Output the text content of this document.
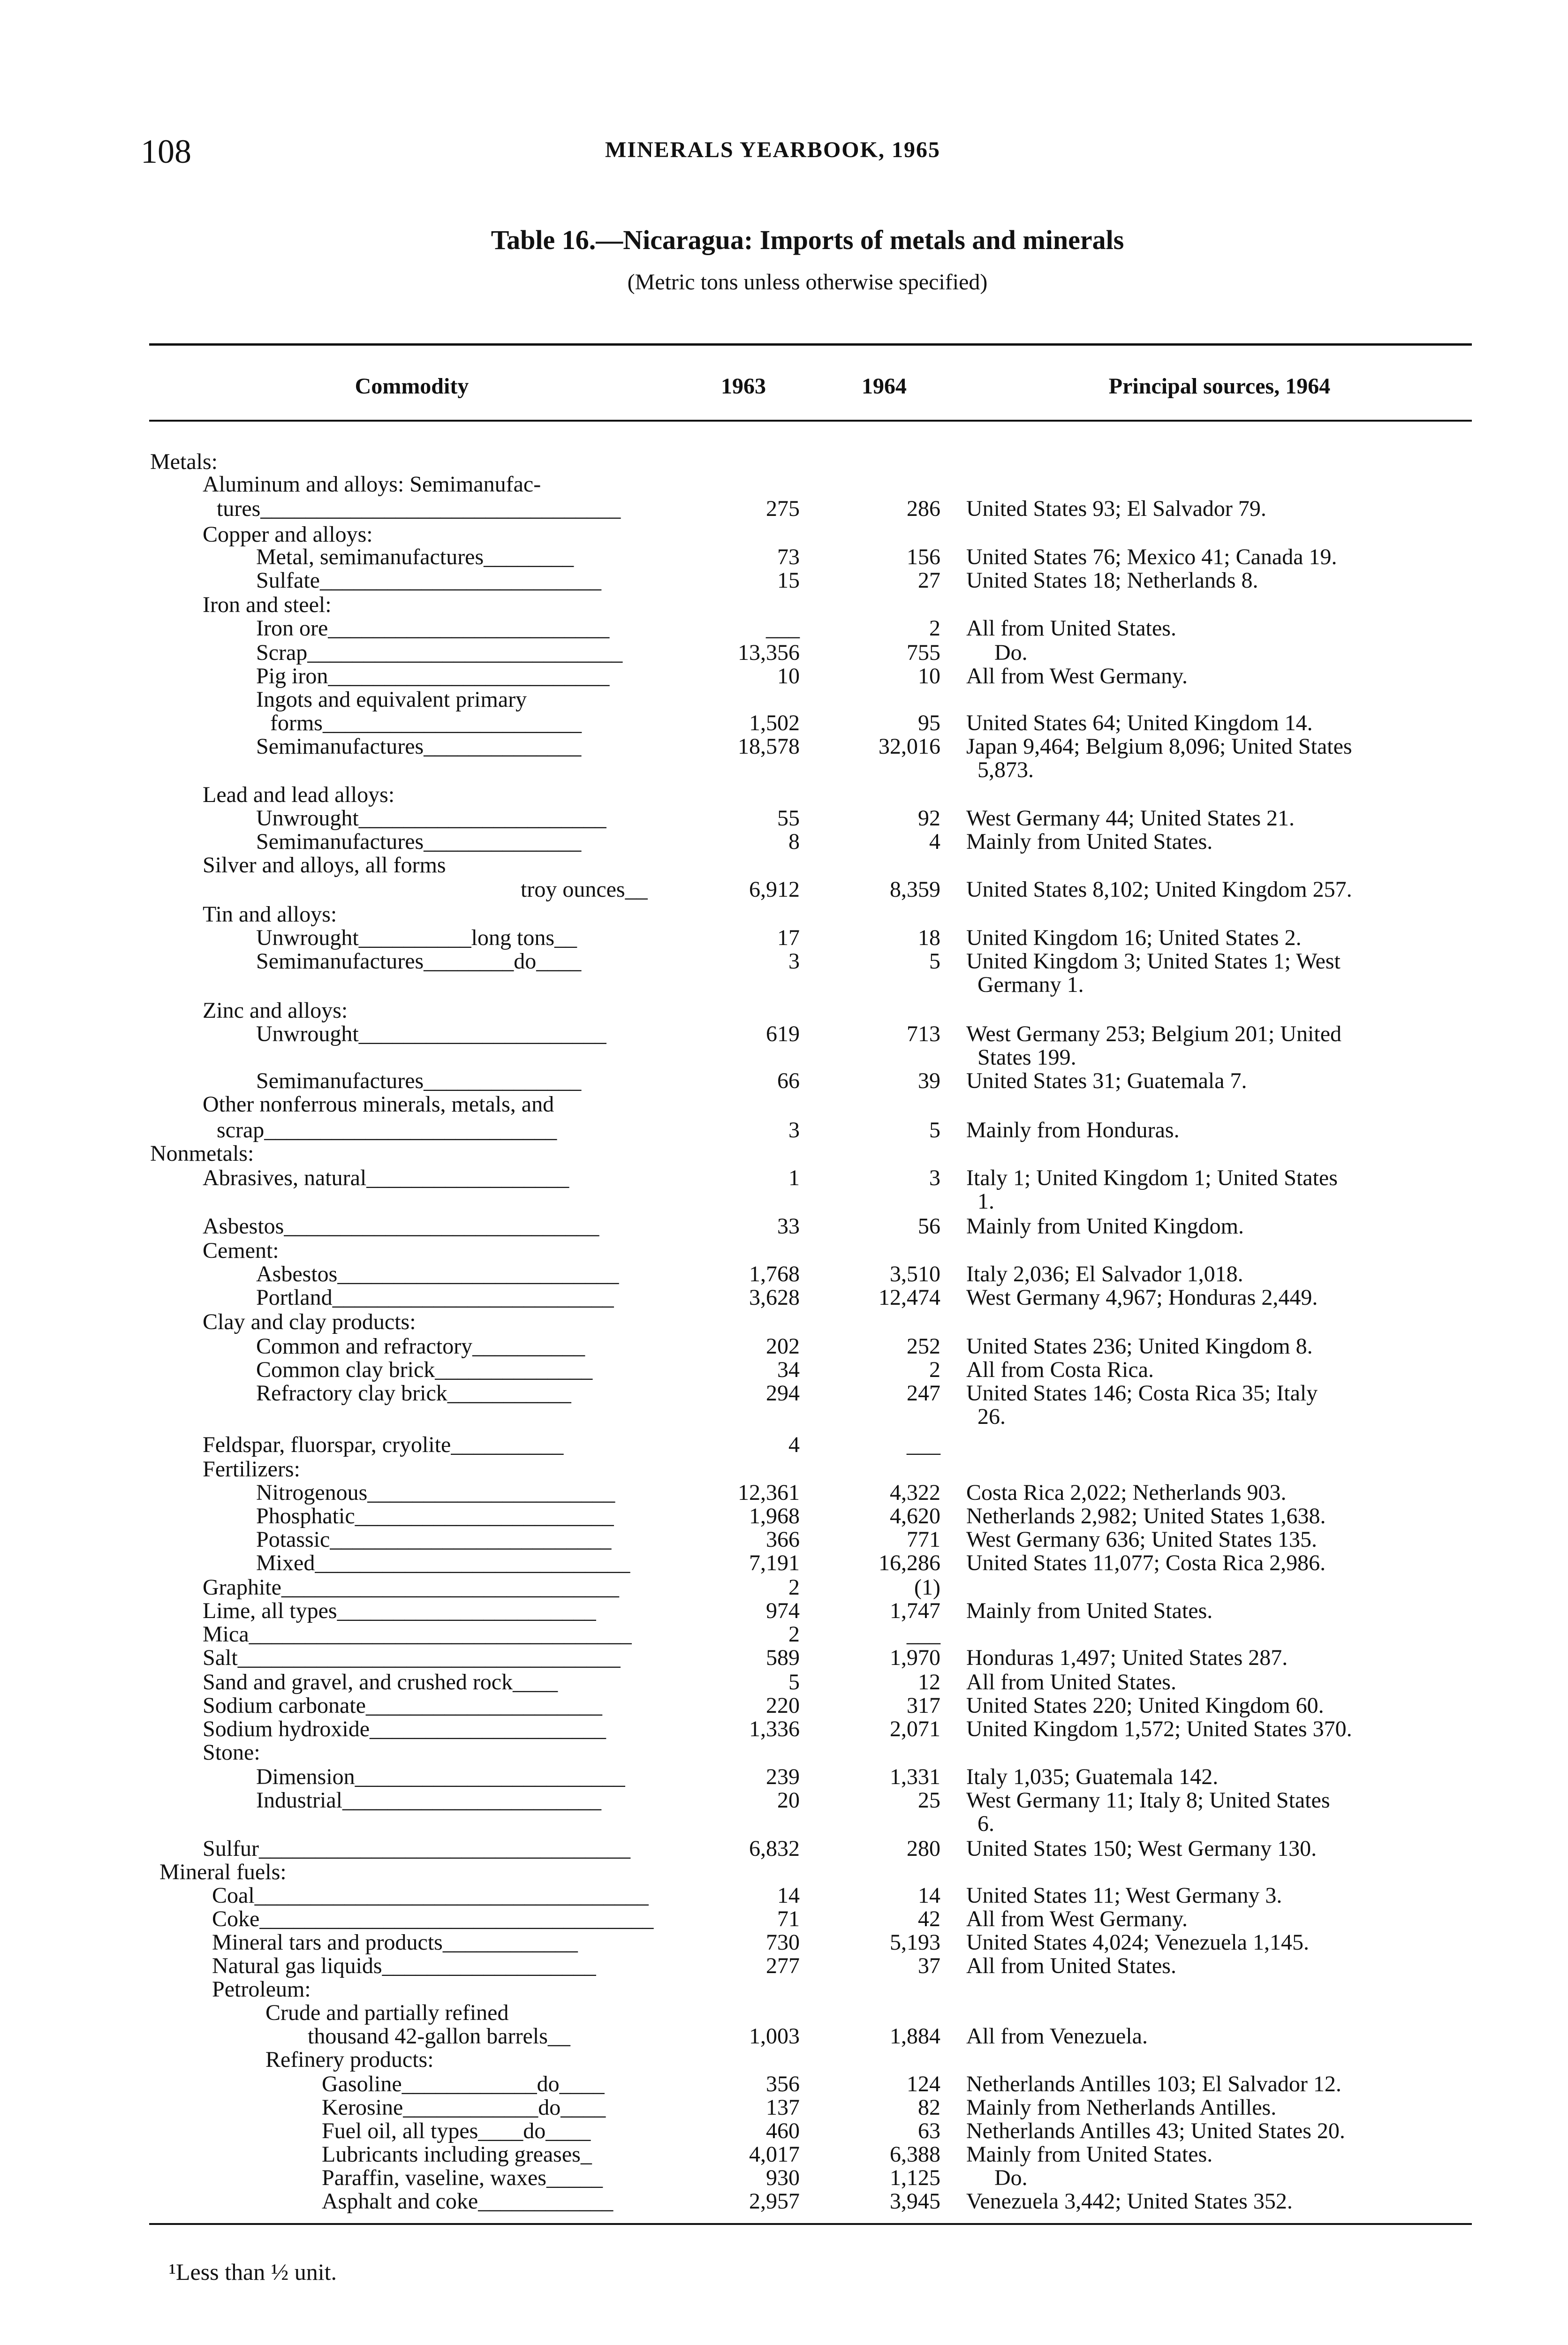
108	MINERALS YEARBOOK, 1965
Table 16.—Nicaragua: Imports of metals and minerals
(Metric tons unless otherwise specified)
Commodity	1963	1964	Principal sources, 1964
Metals:
Aluminum and alloys: Semimanufac-
tures________________________________	275	286 United States 93; El Salvador 79.
Copper and alloys:
Metal, semimanufactures________	73	156 United States 76; Mexico 41; Canada 19.
Sulfate_________________________	15	27 United States 18; Netherlands 8.
Iron and steel:
Iron ore_________________________	___	2 All from United States.
Scrap____________________________	13,356	755 Do.
Pig iron_________________________	10	10 All from West Germany.
Ingots and equivalent primary
forms_______________________	1,502	95 United States 64; United Kingdom 14.
Semimanufactures______________	18,578	32,016 Japan 9,464; Belgium 8,096; United States
5,873.
Lead and lead alloys:
Unwrought______________________	55	92 West Germany 44; United States 21.
Semimanufactures______________	8	4 Mainly from United States.
Silver and alloys, all forms
troy ounces__	6,912	8,359 United States 8,102; United Kingdom 257.
Tin and alloys:
Unwrought__________long tons__	17	18 United Kingdom 16; United States 2.
Semimanufactures________do____	3	5 United Kingdom 3; United States 1; West
Germany 1.
Zinc and alloys:
Unwrought______________________	619	713 West Germany 253; Belgium 201; United
States 199.
Semimanufactures______________	66	39 United States 31; Guatemala 7.
Other nonferrous minerals, metals, and
scrap__________________________	3	5 Mainly from Honduras.
Nonmetals:
Abrasives, natural__________________	1	3 Italy 1; United Kingdom 1; United States
1.
Asbestos____________________________	33	56 Mainly from United Kingdom.
Cement:
Asbestos_________________________	1,768	3,510 Italy 2,036; El Salvador 1,018.
Portland_________________________	3,628	12,474 West Germany 4,967; Honduras 2,449.
Clay and clay products:
Common and refractory__________	202	252 United States 236; United Kingdom 8.
Common clay brick______________	34	2 All from Costa Rica.
Refractory clay brick___________	294	247 United States 146; Costa Rica 35; Italy
26.
Feldspar, fluorspar, cryolite__________	4	___
Fertilizers:
Nitrogenous______________________	12,361	4,322 Costa Rica 2,022; Netherlands 903.
Phosphatic_______________________	1,968	4,620 Netherlands 2,982; United States 1,638.
Potassic_________________________	366	771 West Germany 636; United States 135.
Mixed____________________________	7,191	16,286 United States 11,077; Costa Rica 2,986.
Graphite______________________________	2	(1)
Lime, all types_______________________	974	1,747 Mainly from United States.
Mica__________________________________	2	___
Salt__________________________________	589	1,970 Honduras 1,497; United States 287.
Sand and gravel, and crushed rock____	5	12 All from United States.
Sodium carbonate_____________________	220	317 United States 220; United Kingdom 60.
Sodium hydroxide_____________________	1,336	2,071 United Kingdom 1,572; United States 370.
Stone:
Dimension________________________	239	1,331 Italy 1,035; Guatemala 142.
Industrial_______________________	20	25 West Germany 11; Italy 8; United States
6.
Sulfur_________________________________	6,832	280 United States 150; West Germany 130.
Mineral fuels:
Coal___________________________________	14	14 United States 11; West Germany 3.
Coke___________________________________	71	42 All from West Germany.
Mineral tars and products____________	730	5,193 United States 4,024; Venezuela 1,145.
Natural gas liquids___________________	277	37 All from United States.
Petroleum:
Crude and partially refined
thousand 42-gallon barrels__	1,003	1,884 All from Venezuela.
Refinery products:
Gasoline____________do____	356	124 Netherlands Antilles 103; El Salvador 12.
Kerosine____________do____	137	82 Mainly from Netherlands Antilles.
Fuel oil, all types____do____	460	63 Netherlands Antilles 43; United States 20.
Lubricants including greases_	4,017	6,388 Mainly from United States.
Paraffin, vaseline, waxes_____	930	1,125 Do.
Asphalt and coke____________	2,957	3,945 Venezuela 3,442; United States 352.
¹Less than ½ unit.
